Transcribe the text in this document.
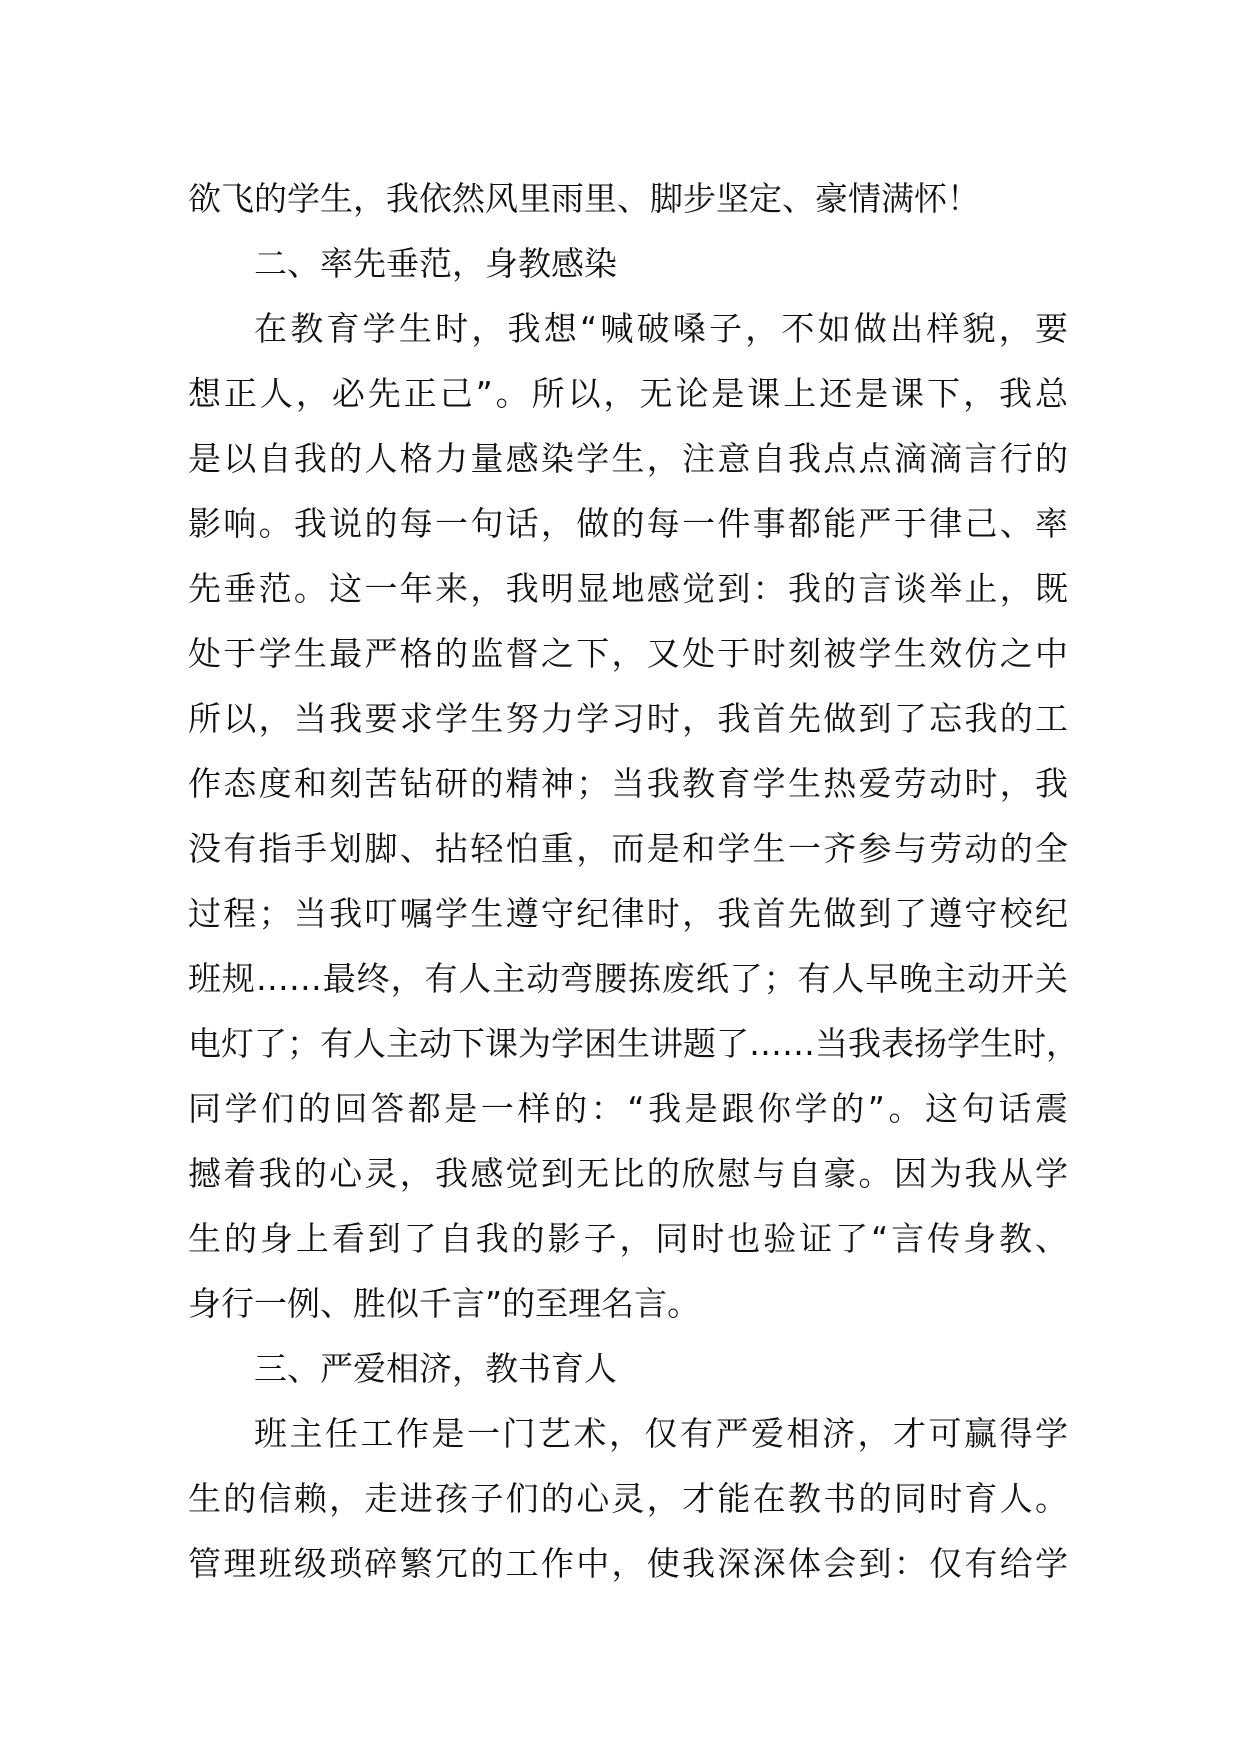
欲飞的学生，我依然风里雨里、脚步坚定、豪情满怀！
二、率先垂范，身教感染
在教育学生时，我想“喊破嗓子，不如做出样貌，要
想正人，必先正己”。所以，无论是课上还是课下，我总
是以自我的人格力量感染学生，注意自我点点滴滴言行的
影响。我说的每一句话，做的每一件事都能严于律己、率
先垂范。这一年来，我明显地感觉到：我的言谈举止，既
处于学生最严格的监督之下，又处于时刻被学生效仿之中
所以，当我要求学生努力学习时，我首先做到了忘我的工
作态度和刻苦钻研的精神；当我教育学生热爱劳动时，我
没有指手划脚、拈轻怕重，而是和学生一齐参与劳动的全
过程；当我叮嘱学生遵守纪律时，我首先做到了遵守校纪
班规……最终，有人主动弯腰拣废纸了；有人早晚主动开关
电灯了；有人主动下课为学困生讲题了……当我表扬学生时，
同学们的回答都是一样的：“我是跟你学的”。这句话震
撼着我的心灵，我感觉到无比的欣慰与自豪。因为我从学
生的身上看到了自我的影子，同时也验证了“言传身教、
身行一例、胜似千言”的至理名言。
三、严爱相济，教书育人
班主任工作是一门艺术，仅有严爱相济，才可赢得学
生的信赖，走进孩子们的心灵，才能在教书的同时育人。
管理班级琐碎繁冗的工作中，使我深深体会到：仅有给学
